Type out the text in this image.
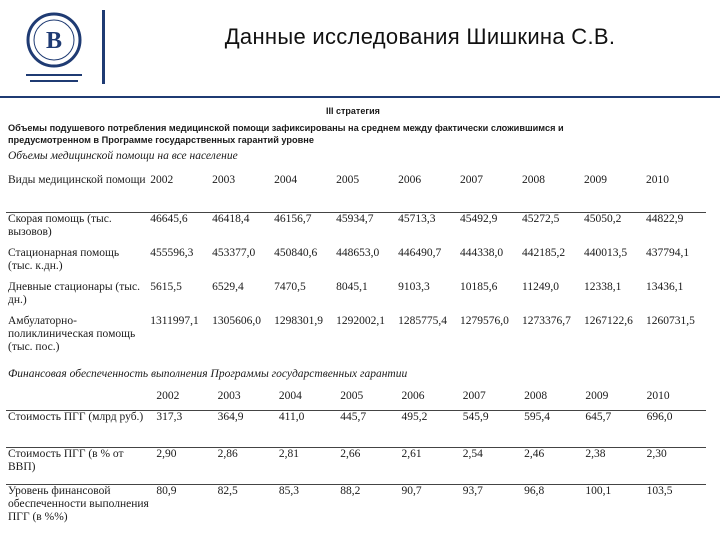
B	Данные исследования Шишкина С.В.
III стратегия
Объемы подушевого потребления медицинской помощи зафиксированы на среднем между фактически сложившимся и предусмотренном в Программе государственных гарантий уровне
Объемы медицинской помощи на все население
Виды медицинской помощи	2002	2003	2004	2005	2006	2007	2008	2009	2010
Скорая помощь (тыс. вызовов)	46645,6	46418,4	46156,7	45934,7	45713,3	45492,9	45272,5	45050,2	44822,9
Стационарная помощь (тыс. к.дн.)	455596,3	453377,0	450840,6	448653,0	446490,7	444338,0	442185,2	440013,5	437794,1
Дневные стационары (тыс. дн.)	5615,5	6529,4	7470,5	8045,1	9103,3	10185,6	11249,0	12338,1	13436,1
Амбулаторно-поликлиническая помощь (тыс. пос.)	1311997,1	1305606,0	1298301,9	1292002,1	1285775,4	1279576,0	1273376,7	1267122,6	1260731,5
Финансовая обеспеченность выполнения Программы государственных гарантии
	2002	2003	2004	2005	2006	2007	2008	2009	2010
Стоимость ПГГ (млрд руб.)	317,3	364,9	411,0	445,7	495,2	545,9	595,4	645,7	696,0
Стоимость ПГГ (в % от ВВП)	2,90	2,86	2,81	2,66	2,61	2,54	2,46	2,38	2,30
Уровень финансовой обеспеченности выполнения ПГГ (в %%)	80,9	82,5	85,3	88,2	90,7	93,7	96,8	100,1	103,5
